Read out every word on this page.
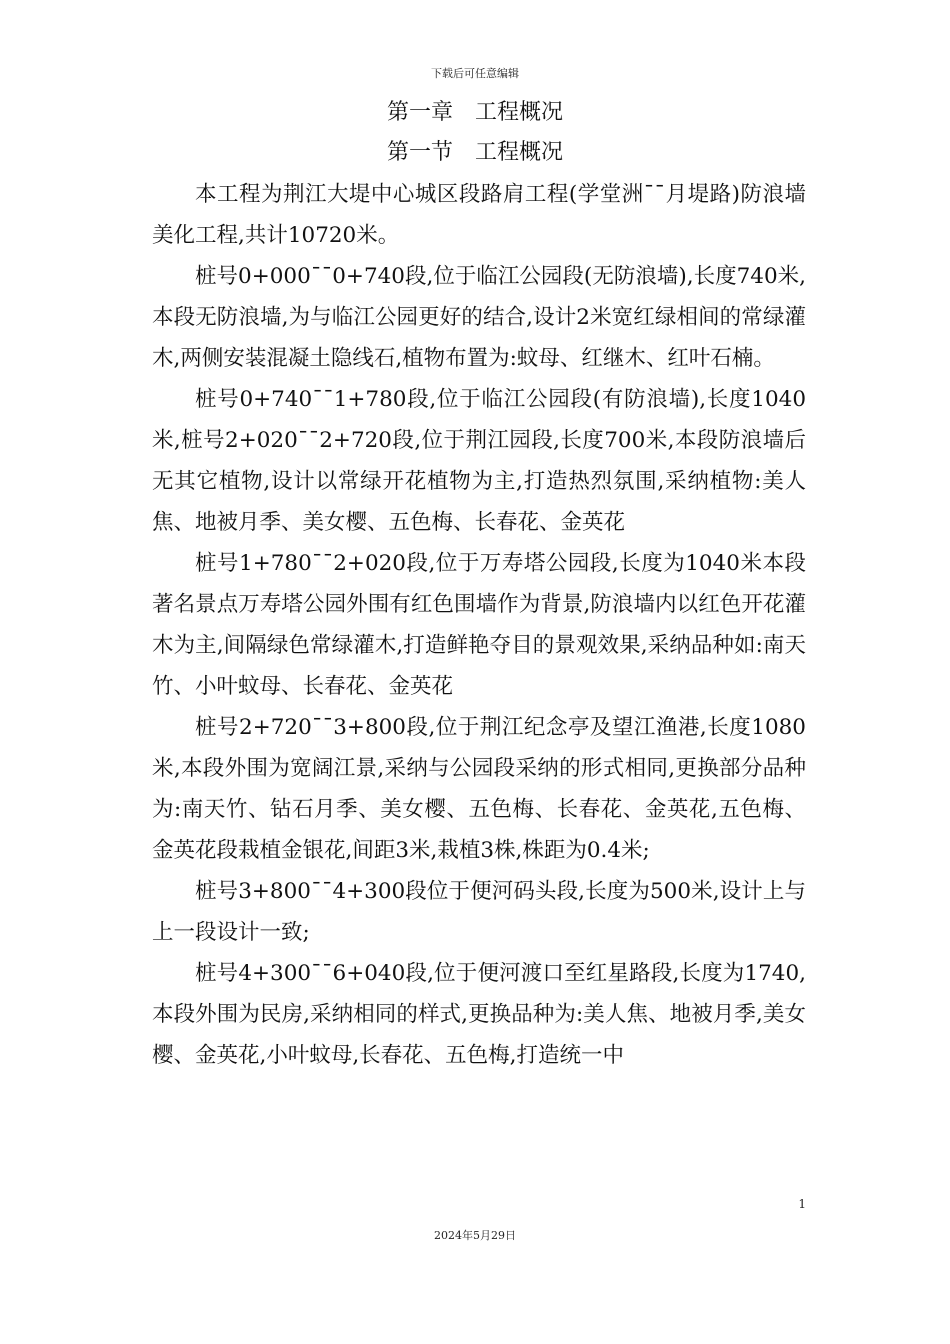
下载后可任意编辑
第一章　工程概况
第一节　工程概况

本工程为荆江大堤中心城区段路肩工程(学堂洲¯¯月堤路)防浪墙美化工程,共计10720米。

桩号0+000¯¯0+740段,位于临江公园段(无防浪墙),长度740米,本段无防浪墙,为与临江公园更好的结合,设计2米宽红绿相间的常绿灌木,两侧安装混凝土隐线石,植物布置为:蚊母、红继木、红叶石楠。

桩号0+740¯¯1+780段,位于临江公园段(有防浪墙),长度1040米,桩号2+020¯¯2+720段,位于荆江园段,长度700米,本段防浪墙后无其它植物,设计以常绿开花植物为主,打造热烈氛围,采纳植物:美人焦、地被月季、美女樱、五色梅、长春花、金英花

桩号1+780¯¯2+020段,位于万寿塔公园段,长度为1040米本段著名景点万寿塔公园外围有红色围墙作为背景,防浪墙内以红色开花灌木为主,间隔绿色常绿灌木,打造鲜艳夺目的景观效果,采纳品种如:南天竹、小叶蚊母、长春花、金英花

桩号2+720¯¯3+800段,位于荆江纪念亭及望江渔港,长度1080米,本段外围为宽阔江景,采纳与公园段采纳的形式相同,更换部分品种为:南天竹、钻石月季、美女樱、五色梅、长春花、金英花,五色梅、金英花段栽植金银花,间距3米,栽植3株,株距为0.4米;

桩号3+800¯¯4+300段位于便河码头段,长度为500米,设计上与上一段设计一致;

桩号4+300¯¯6+040段,位于便河渡口至红星路段,长度为1740,本段外围为民房,采纳相同的样式,更换品种为:美人焦、地被月季,美女樱、金英花,小叶蚊母,长春花、五色梅,打造统一中

1
2024年5月29日
